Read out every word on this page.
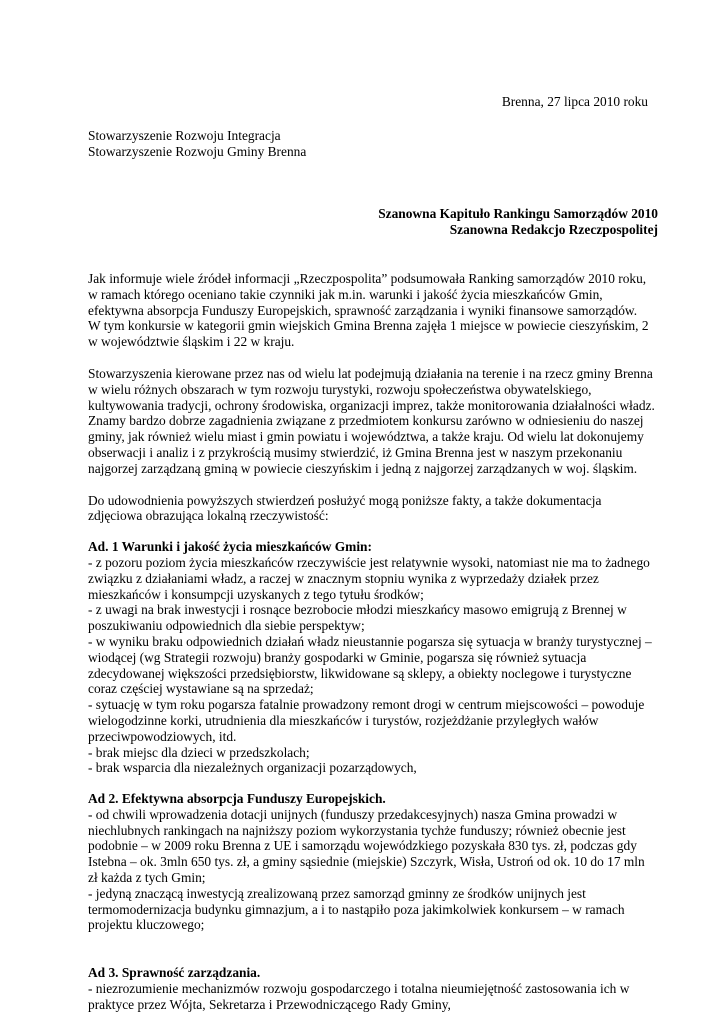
Brenna, 27 lipca 2010 roku

Stowarzyszenie Rozwoju Integracja
Stowarzyszenie Rozwoju Gminy Brenna
Szanowna Kapituło Rankingu Samorządów 2010
Szanowna Redakcjo Rzeczpospolitej

Jak informuje wiele źródeł informacji „Rzeczpospolita” podsumowała Ranking samorządów 2010 roku,

w ramach którego oceniano takie czynniki jak m.in. warunki i jakość życia mieszkańców Gmin,

efektywna absorpcja Funduszy Europejskich, sprawność zarządzania i wyniki finansowe samorządów.

W tym konkursie w kategorii gmin wiejskich Gmina Brenna zajęła 1 miejsce w powiecie cieszyńskim, 2

w województwie śląskim i 22 w kraju.

Stowarzyszenia kierowane przez nas od wielu lat podejmują działania na terenie i na rzecz gminy Brenna

w wielu różnych obszarach w tym rozwoju turystyki, rozwoju społeczeństwa obywatelskiego,

kultywowania tradycji, ochrony środowiska, organizacji imprez, także monitorowania działalności władz.

Znamy bardzo dobrze zagadnienia związane z przedmiotem konkursu zarówno w odniesieniu do naszej

gminy, jak również wielu miast i gmin powiatu i województwa, a także kraju. Od wielu lat dokonujemy

obserwacji i analiz i z przykrością musimy stwierdzić, iż Gmina Brenna jest w naszym przekonaniu

najgorzej zarządzaną gminą w powiecie cieszyńskim i jedną z najgorzej zarządzanych w woj. śląskim.

Do udowodnienia powyższych stwierdzeń posłużyć mogą poniższe fakty, a także dokumentacja

zdjęciowa obrazująca lokalną rzeczywistość:

Ad. 1 Warunki i jakość życia mieszkańców Gmin:

- z pozoru poziom życia mieszkańców rzeczywiście jest relatywnie wysoki, natomiast nie ma to żadnego

związku z działaniami władz, a raczej w znacznym stopniu wynika z wyprzedaży działek przez

mieszkańców i konsumpcji uzyskanych z tego tytułu środków;

- z uwagi na brak inwestycji i rosnące bezrobocie młodzi mieszkańcy masowo emigrują z Brennej w

poszukiwaniu odpowiednich dla siebie perspektyw;

- w wyniku braku odpowiednich działań władz nieustannie pogarsza się sytuacja w branży turystycznej –

wiodącej (wg Strategii rozwoju) branży gospodarki w Gminie, pogarsza się również sytuacja

zdecydowanej większości przedsiębiorstw, likwidowane są sklepy, a obiekty noclegowe i turystyczne

coraz częściej wystawiane są na sprzedaż;

- sytuację w tym roku pogarsza fatalnie prowadzony remont drogi w centrum miejscowości – powoduje

wielogodzinne korki, utrudnienia dla mieszkańców i turystów, rozjeżdżanie przyległych wałów

przeciwpowodziowych, itd.

- brak miejsc dla dzieci w przedszkolach;

- brak wsparcia dla niezależnych organizacji pozarządowych,

Ad 2. Efektywna absorpcja Funduszy Europejskich.

- od chwili wprowadzenia dotacji unijnych (funduszy przedakcesyjnych) nasza Gmina prowadzi w

niechlubnych rankingach na najniższy poziom wykorzystania tychże funduszy; również obecnie jest

podobnie – w 2009 roku Brenna z UE i samorządu wojewódzkiego pozyskała 830 tys. zł, podczas gdy

Istebna – ok. 3mln 650 tys. zł, a gminy sąsiednie (miejskie) Szczyrk, Wisła, Ustroń od ok. 10 do 17 mln

zł każda z tych Gmin;

- jedyną znaczącą inwestycją zrealizowaną przez samorząd gminny ze środków unijnych jest

termomodernizacja budynku gimnazjum, a i to nastąpiło poza jakimkolwiek konkursem – w ramach

projektu kluczowego;

Ad 3. Sprawność zarządzania.

- niezrozumienie mechanizmów rozwoju gospodarczego i totalna nieumiejętność zastosowania ich w

praktyce przez Wójta, Sekretarza i Przewodniczącego Rady Gminy,
